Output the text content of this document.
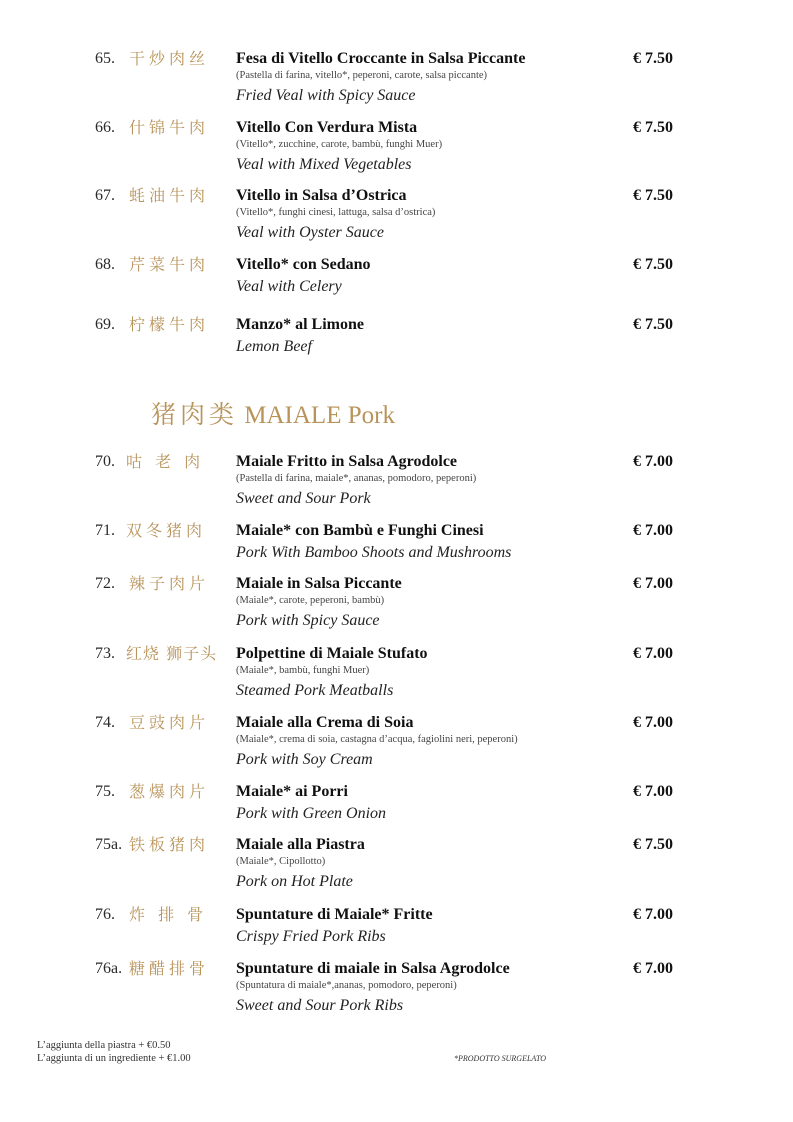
65. 干炒肉丝 Fesa di Vitello Croccante in Salsa Piccante
(Pastella di farina, vitello*, peperoni, carote, salsa piccante)
Fried Veal with Spicy Sauce
€ 7.50
66. 什锦牛肉 Vitello Con Verdura Mista
(Vitello*, zucchine, carote, bambù, funghi Muer)
Veal with Mixed Vegetables
€ 7.50
67. 蚝油牛肉 Vitello in Salsa d’Ostrica
(Vitello*, funghi cinesi, lattuga, salsa d’ostrica)
Veal with Oyster Sauce
€ 7.50
68. 芹菜牛肉 Vitello* con Sedano
Veal with Celery
€ 7.50
69. 柠檬牛肉 Manzo* al Limone
Lemon Beef
€ 7.50
猪肉类 MAIALE Pork
70. 咕 老 肉 Maiale Fritto in Salsa Agrodolce
(Pastella di farina, maiale*, ananas, pomodoro, peperoni)
Sweet and Sour Pork
€ 7.00
71. 双冬猪肉 Maiale* con Bambù e Funghi Cinesi
Pork With Bamboo Shoots and Mushrooms
€ 7.00
72. 辣子肉片 Maiale in Salsa Piccante
(Maiale*, carote, peperoni, bambù)
Pork with Spicy Sauce
€ 7.00
73. 红烧 狮子头 Polpettine di Maiale Stufato
(Maiale*, bambù, funghi Muer)
Steamed Pork Meatballs
€ 7.00
74. 豆豉肉片 Maiale alla Crema di Soia
(Maiale*, crema di soia, castagna d’acqua, fagiolini neri, peperoni)
Pork with Soy Cream
€ 7.00
75. 葱爆肉片 Maiale* ai Porri
Pork with Green Onion
€ 7.00
75a. 铁板猪肉 Maiale alla Piastra
(Maiale*, Cipollotto)
Pork on Hot Plate
€ 7.50
76. 炸 排 骨 Spuntature di Maiale* Fritte
Crispy Fried Pork Ribs
€ 7.00
76a. 糖醋排骨 Spuntature di maiale in Salsa Agrodolce
(Spuntatura di maiale*,ananas, pomodoro, peperoni)
Sweet and Sour Pork Ribs
€ 7.00
L’aggiunta della piastra + €0.50
L’aggiunta di un ingrediente + €1.00	*PRODOTTO SURGELATO
